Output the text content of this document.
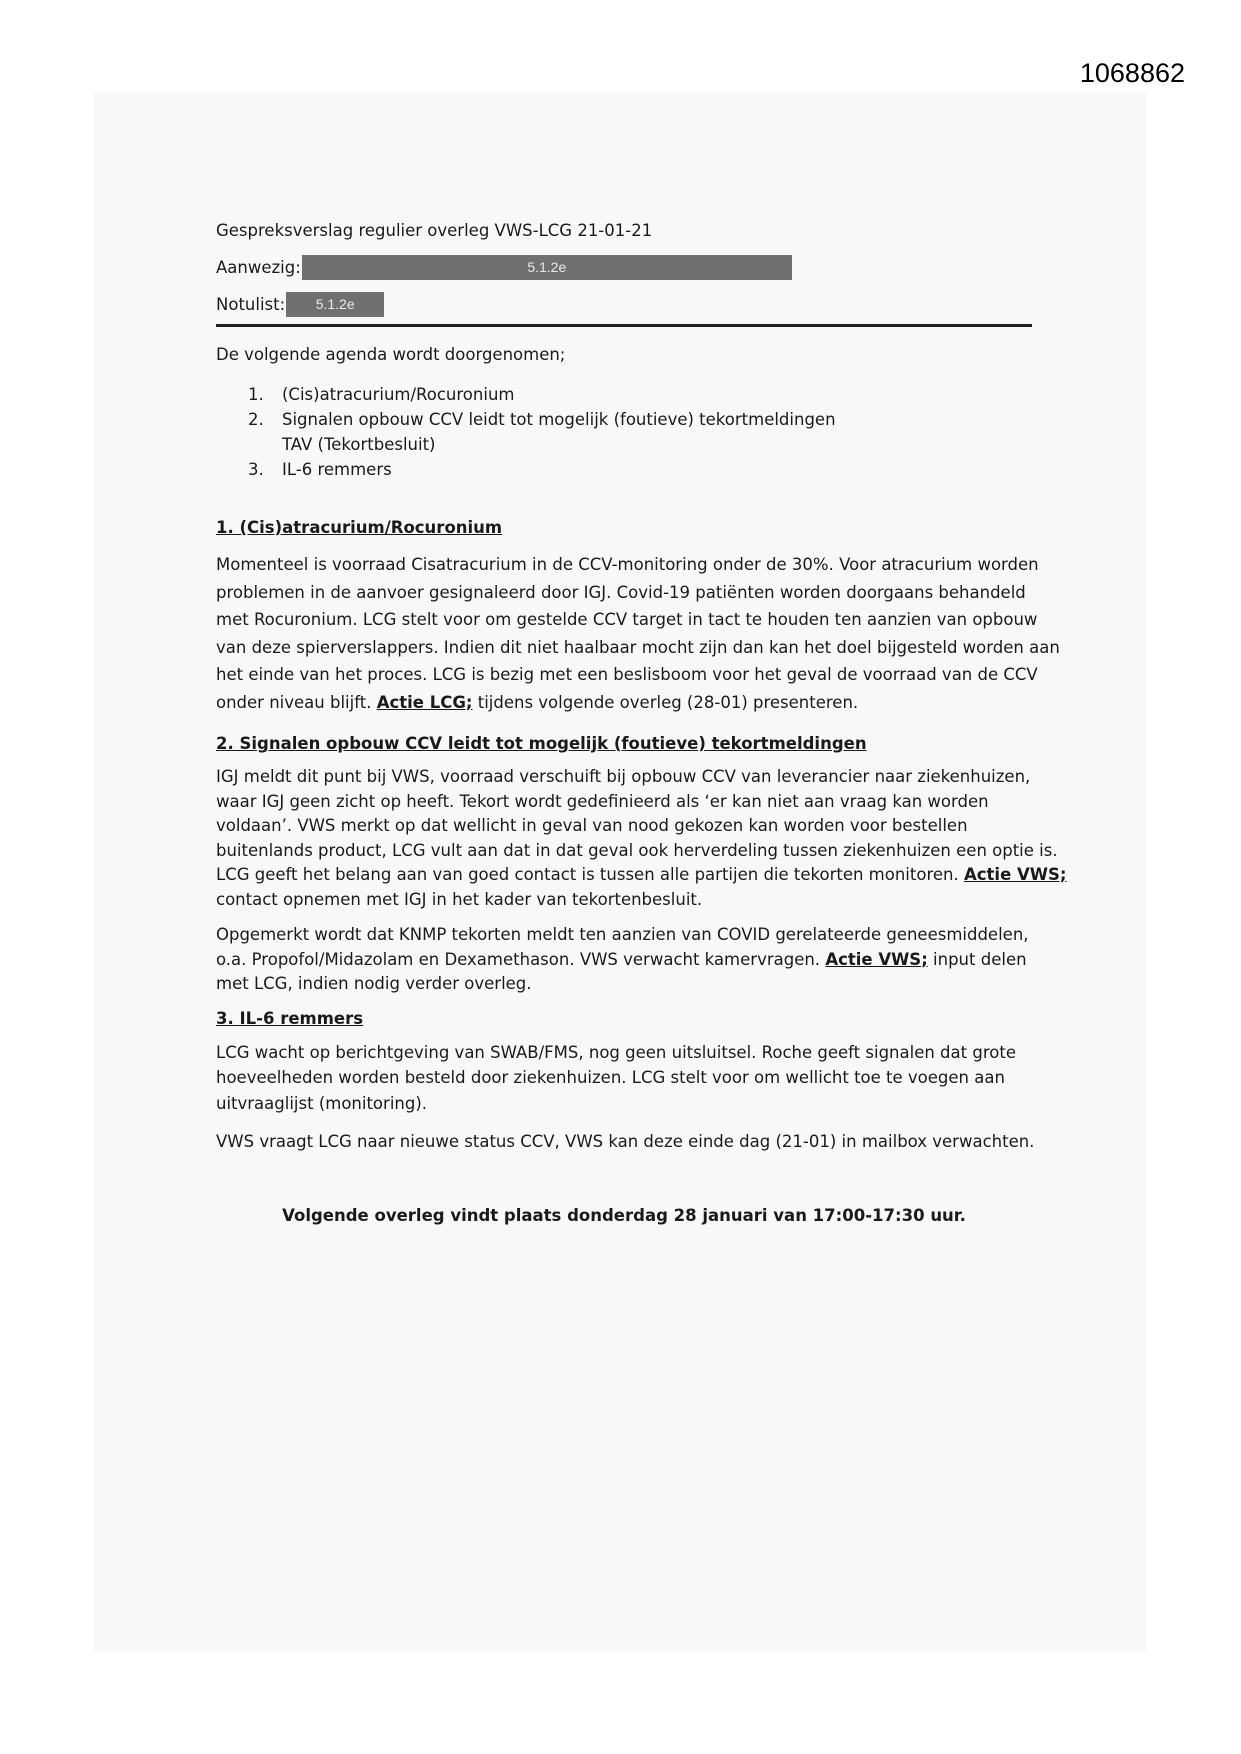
1068862
Gespreksverslag regulier overleg VWS-LCG 21-01-21
Aanwezig:	5.1.2e
Notulist:	5.1.2e
De volgende agenda wordt doorgenomen;
1.	(Cis)atracurium/Rocuronium
2.	Signalen opbouw CCV leidt tot mogelijk (foutieve) tekortmeldingen
TAV (Tekortbesluit)
3.	IL-6 remmers
1. (Cis)atracurium/Rocuronium
Momenteel is voorraad Cisatracurium in de CCV-monitoring onder de 30%. Voor atracurium worden
problemen in de aanvoer gesignaleerd door IGJ. Covid-19 patiënten worden doorgaans behandeld
met Rocuronium. LCG stelt voor om gestelde CCV target in tact te houden ten aanzien van opbouw
van deze spierverslappers. Indien dit niet haalbaar mocht zijn dan kan het doel bijgesteld worden aan
het einde van het proces. LCG is bezig met een beslisboom voor het geval de voorraad van de CCV
onder niveau blijft. Actie LCG; tijdens volgende overleg (28-01) presenteren.
2. Signalen opbouw CCV leidt tot mogelijk (foutieve) tekortmeldingen
IGJ meldt dit punt bij VWS, voorraad verschuift bij opbouw CCV van leverancier naar ziekenhuizen,
waar IGJ geen zicht op heeft. Tekort wordt gedefinieerd als ‘er kan niet aan vraag kan worden
voldaan’. VWS merkt op dat wellicht in geval van nood gekozen kan worden voor bestellen
buitenlands product, LCG vult aan dat in dat geval ook herverdeling tussen ziekenhuizen een optie is.
LCG geeft het belang aan van goed contact is tussen alle partijen die tekorten monitoren. Actie VWS;
contact opnemen met IGJ in het kader van tekortenbesluit.
Opgemerkt wordt dat KNMP tekorten meldt ten aanzien van COVID gerelateerde geneesmiddelen,
o.a. Propofol/Midazolam en Dexamethason. VWS verwacht kamervragen. Actie VWS; input delen
met LCG, indien nodig verder overleg.
3. IL-6 remmers
LCG wacht op berichtgeving van SWAB/FMS, nog geen uitsluitsel. Roche geeft signalen dat grote
hoeveelheden worden besteld door ziekenhuizen. LCG stelt voor om wellicht toe te voegen aan
uitvraaglijst (monitoring).
VWS vraagt LCG naar nieuwe status CCV, VWS kan deze einde dag (21-01) in mailbox verwachten.
Volgende overleg vindt plaats donderdag 28 januari van 17:00-17:30 uur.
